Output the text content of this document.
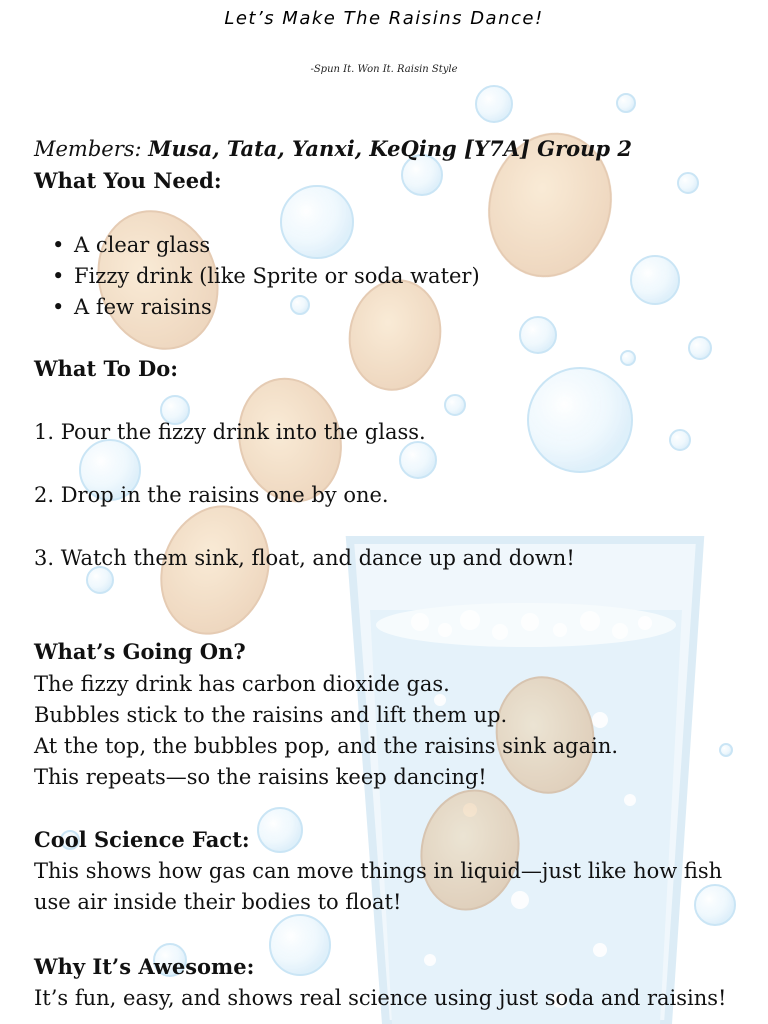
Let’s Make The Raisins Dance!
-Spun It. Won It. Raisin Style
Members: Musa, Tata, Yanxi, KeQing [Y7A] Group 2
What You Need:
• A clear glass
• Fizzy drink (like Sprite or soda water)
• A few raisins
What To Do:
1. Pour the fizzy drink into the glass.
2. Drop in the raisins one by one.
3. Watch them sink, float, and dance up and down!
What’s Going On?
The fizzy drink has carbon dioxide gas.
Bubbles stick to the raisins and lift them up.
At the top, the bubbles pop, and the raisins sink again.
This repeats—so the raisins keep dancing!
Cool Science Fact:
This shows how gas can move things in liquid—just like how fish
use air inside their bodies to float!
Why It’s Awesome:
It’s fun, easy, and shows real science using just soda and raisins!
